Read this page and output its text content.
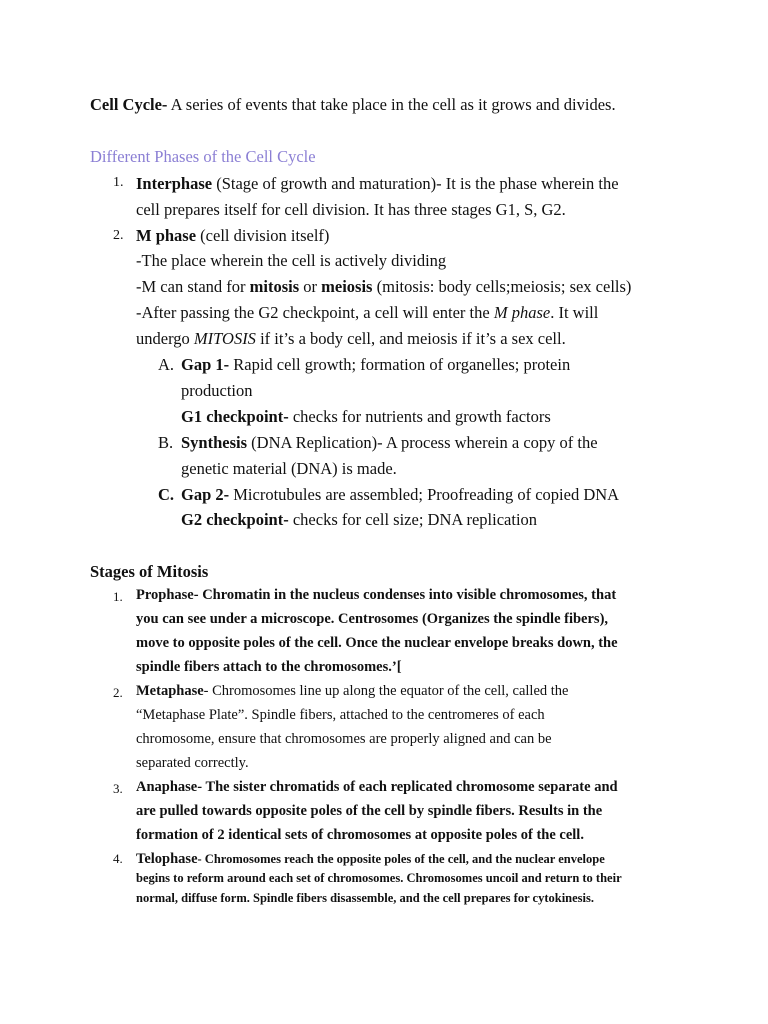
Cell Cycle- A series of events that take place in the cell as it grows and divides.
Different Phases of the Cell Cycle
1. Interphase (Stage of growth and maturation)- It is the phase wherein the
cell prepares itself for cell division. It has three stages G1, S, G2.
2. M phase (cell division itself)
-The place wherein the cell is actively dividing
-M can stand for mitosis or meiosis (mitosis: body cells;meiosis; sex cells)
-After passing the G2 checkpoint, a cell will enter the M phase. It will
undergo MITOSIS if it’s a body cell, and meiosis if it’s a sex cell.
A. Gap 1- Rapid cell growth; formation of organelles; protein
production
G1 checkpoint- checks for nutrients and growth factors
B. Synthesis (DNA Replication)- A process wherein a copy of the
genetic material (DNA) is made.
C. Gap 2- Microtubules are assembled; Proofreading of copied DNA
G2 checkpoint- checks for cell size; DNA replication
Stages of Mitosis
1. Prophase- Chromatin in the nucleus condenses into visible chromosomes, that
you can see under a microscope. Centrosomes (Organizes the spindle fibers),
move to opposite poles of the cell. Once the nuclear envelope breaks down, the
spindle fibers attach to the chromosomes.’[
2. Metaphase- Chromosomes line up along the equator of the cell, called the
“Metaphase Plate”. Spindle fibers, attached to the centromeres of each
chromosome, ensure that chromosomes are properly aligned and can be
separated correctly.
3. Anaphase- The sister chromatids of each replicated chromosome separate and
are pulled towards opposite poles of the cell by spindle fibers. Results in the
formation of 2 identical sets of chromosomes at opposite poles of the cell.
4. Telophase- Chromosomes reach the opposite poles of the cell, and the nuclear envelope
begins to reform around each set of chromosomes. Chromosomes uncoil and return to their
normal, diffuse form. Spindle fibers disassemble, and the cell prepares for cytokinesis.
